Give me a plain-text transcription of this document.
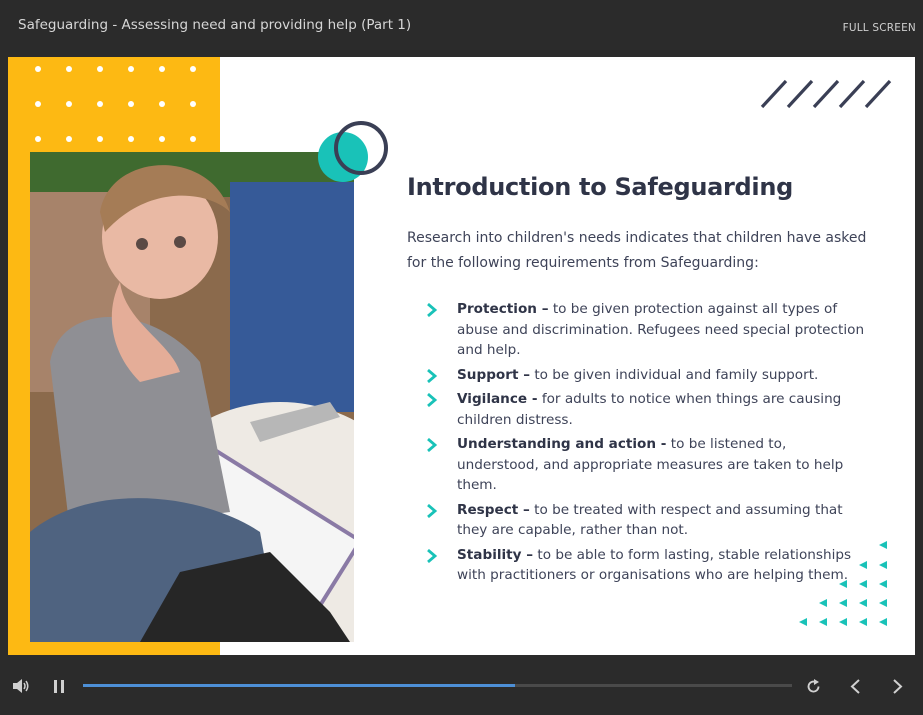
Safeguarding - Assessing need and providing help (Part 1)	FULL SCREEN
Introduction to Safeguarding
Research into children's needs indicates that children have asked for the following requirements from Safeguarding:
Protection – to be given protection against all types of abuse and discrimination. Refugees need special protection and help.
Support – to be given individual and family support.
Vigilance - for adults to notice when things are causing children distress.
Understanding and action - to be listened to, understood, and appropriate measures are taken to help them.
Respect – to be treated with respect and assuming that they are capable, rather than not.
Stability – to be able to form lasting, stable relationships with practitioners or organisations who are helping them.
